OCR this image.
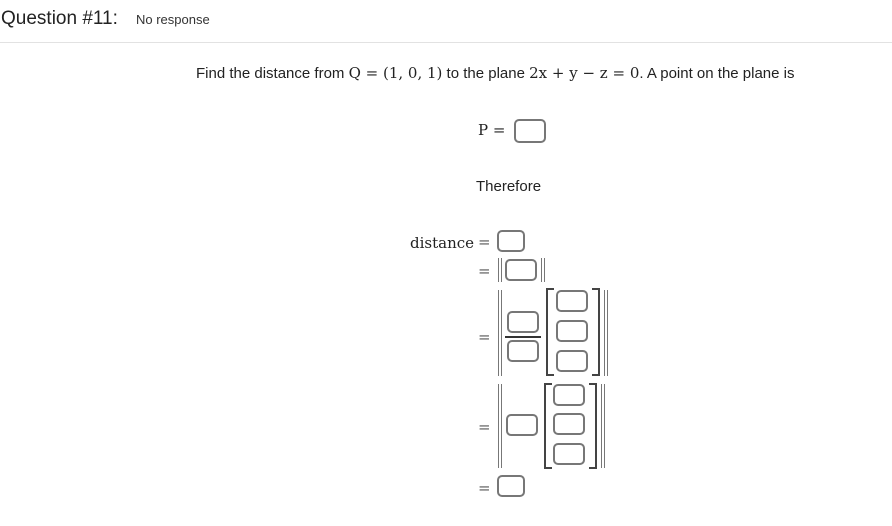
Question #11: No response
Find the distance from Q = (1, 0, 1) to the plane 2x + y − z = 0. A point on the plane is
P =
Therefore
distance =
=
=
=
=
